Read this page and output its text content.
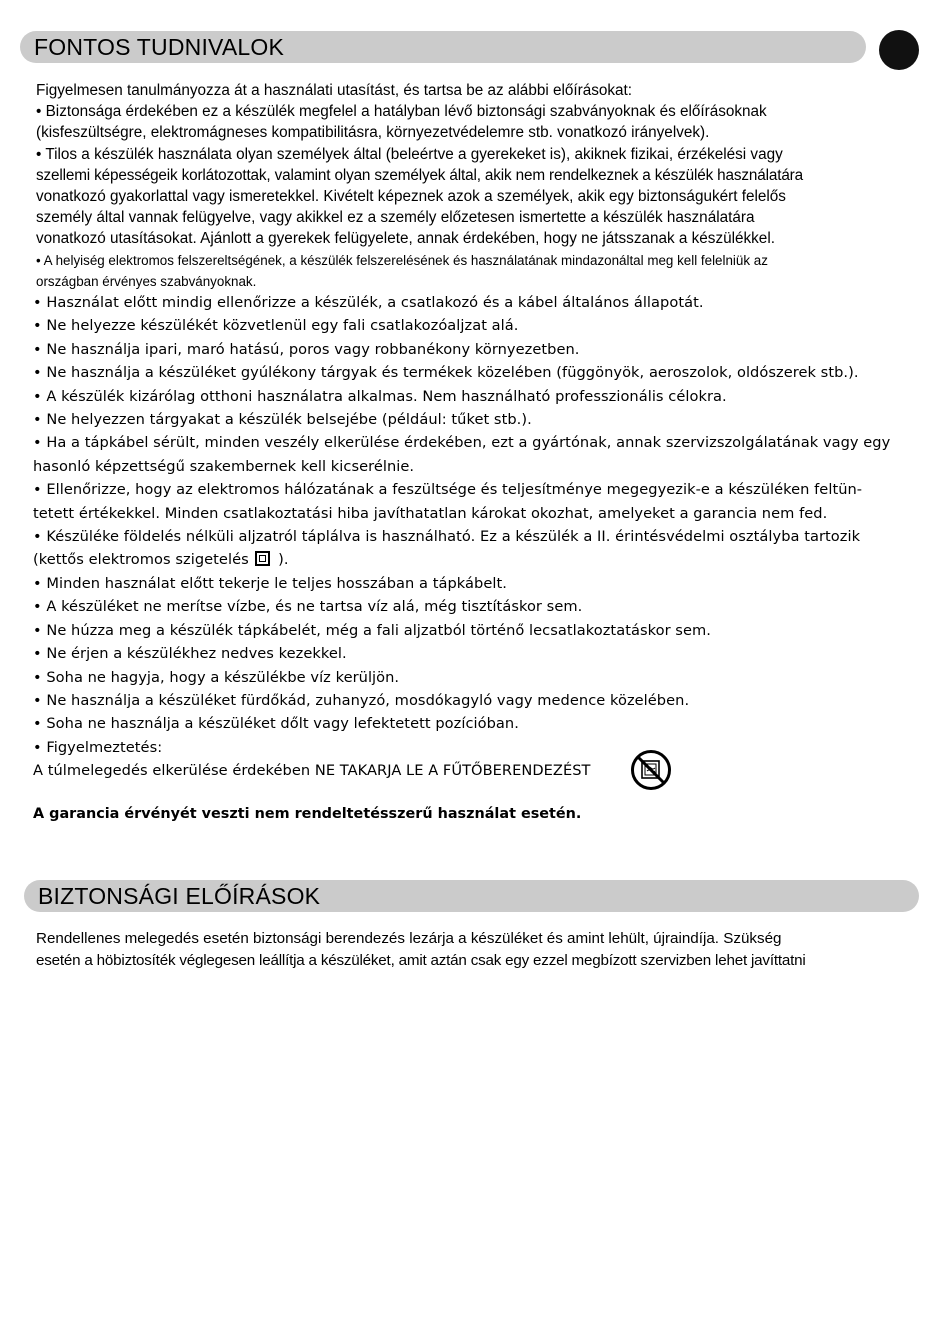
FONTOS TUDNIVALOK

Figyelmesen tanulmányozza át a használati utasítást, és tartsa be az alábbi előírásokat:

• Biztonsága érdekében ez a készülék megfelel a hatályban lévő biztonsági szabványoknak és előírásoknak

(kisfeszültségre, elektromágneses kompatibilitásra, környezetvédelemre stb. vonatkozó irányelvek).

• Tilos a készülék használata olyan személyek által (beleértve a gyerekeket is), akiknek fizikai, érzékelési vagy

szellemi képességeik korlátozottak, valamint olyan személyek által, akik nem rendelkeznek a készülék használatára

vonatkozó gyakorlattal vagy ismeretekkel. Kivételt képeznek azok a személyek, akik egy biztonságukért felelős

személy által vannak felügyelve, vagy akikkel ez a személy előzetesen ismertette a készülék használatára

vonatkozó utasításokat. Ajánlott a gyerekek felügyelete, annak érdekében, hogy ne játsszanak a készülékkel.

• A helyiség elektromos felszereltségének, a készülék felszerelésének és használatának mindazonáltal meg kell felelniük az

országban érvényes szabványoknak.

• Használat előtt mindig ellenőrizze a készülék, a csatlakozó és a kábel általános állapotát.

• Ne helyezze készülékét közvetlenül egy fali csatlakozóaljzat alá.

• Ne használja ipari, maró hatású, poros vagy robbanékony környezetben.

• Ne használja a készüléket gyúlékony tárgyak és termékek közelében (függönyök, aeroszolok, oldószerek stb.).

• A készülék kizárólag otthoni használatra alkalmas. Nem használható professzionális célokra.

• Ne helyezzen tárgyakat a készülék belsejébe (például: tűket stb.).

• Ha a tápkábel sérült, minden veszély elkerülése érdekében, ezt a gyártónak, annak szervizszolgálatának vagy egy

hasonló képzettségű szakembernek kell kicserélnie.

• Ellenőrizze, hogy az elektromos hálózatának a feszültsége és teljesítménye megegyezik-e a készüléken feltün-

tetett értékekkel. Minden csatlakoztatási hiba javíthatatlan károkat okozhat, amelyeket a garancia nem fed.

• Készüléke földelés nélküli aljzatról táplálva is használható. Ez a készülék a II. érintésvédelmi osztályba tartozik

(kettős elektromos szigetelés ).

• Minden használat előtt tekerje le teljes hosszában a tápkábelt.

• A készüléket ne merítse vízbe, és ne tartsa víz alá, még tisztításkor sem.

• Ne húzza meg a készülék tápkábelét, még a fali aljzatból történő lecsatlakoztatáskor sem.

• Ne érjen a készülékhez nedves kezekkel.

• Soha ne hagyja, hogy a készülékbe víz kerüljön.

• Ne használja a készüléket fürdőkád, zuhanyzó, mosdókagyló vagy medence közelében.

• Soha ne használja a készüléket dőlt vagy lefektetett pozícióban.

• Figyelmeztetés:

A túlmelegedés elkerülése érdekében NE TAKARJA LE A FŰTŐBERENDEZÉST

A garancia érvényét veszti nem rendeltetésszerű használat esetén.
BIZTONSÁGI ELŐÍRÁSOK

Rendellenes melegedés esetén biztonsági berendezés lezárja a készüléket és amint lehült, újraindíja. Szükség

esetén a höbiztosíték véglegesen leállítja a készüléket, amit aztán csak egy ezzel megbízott szervizben lehet javíttatni
